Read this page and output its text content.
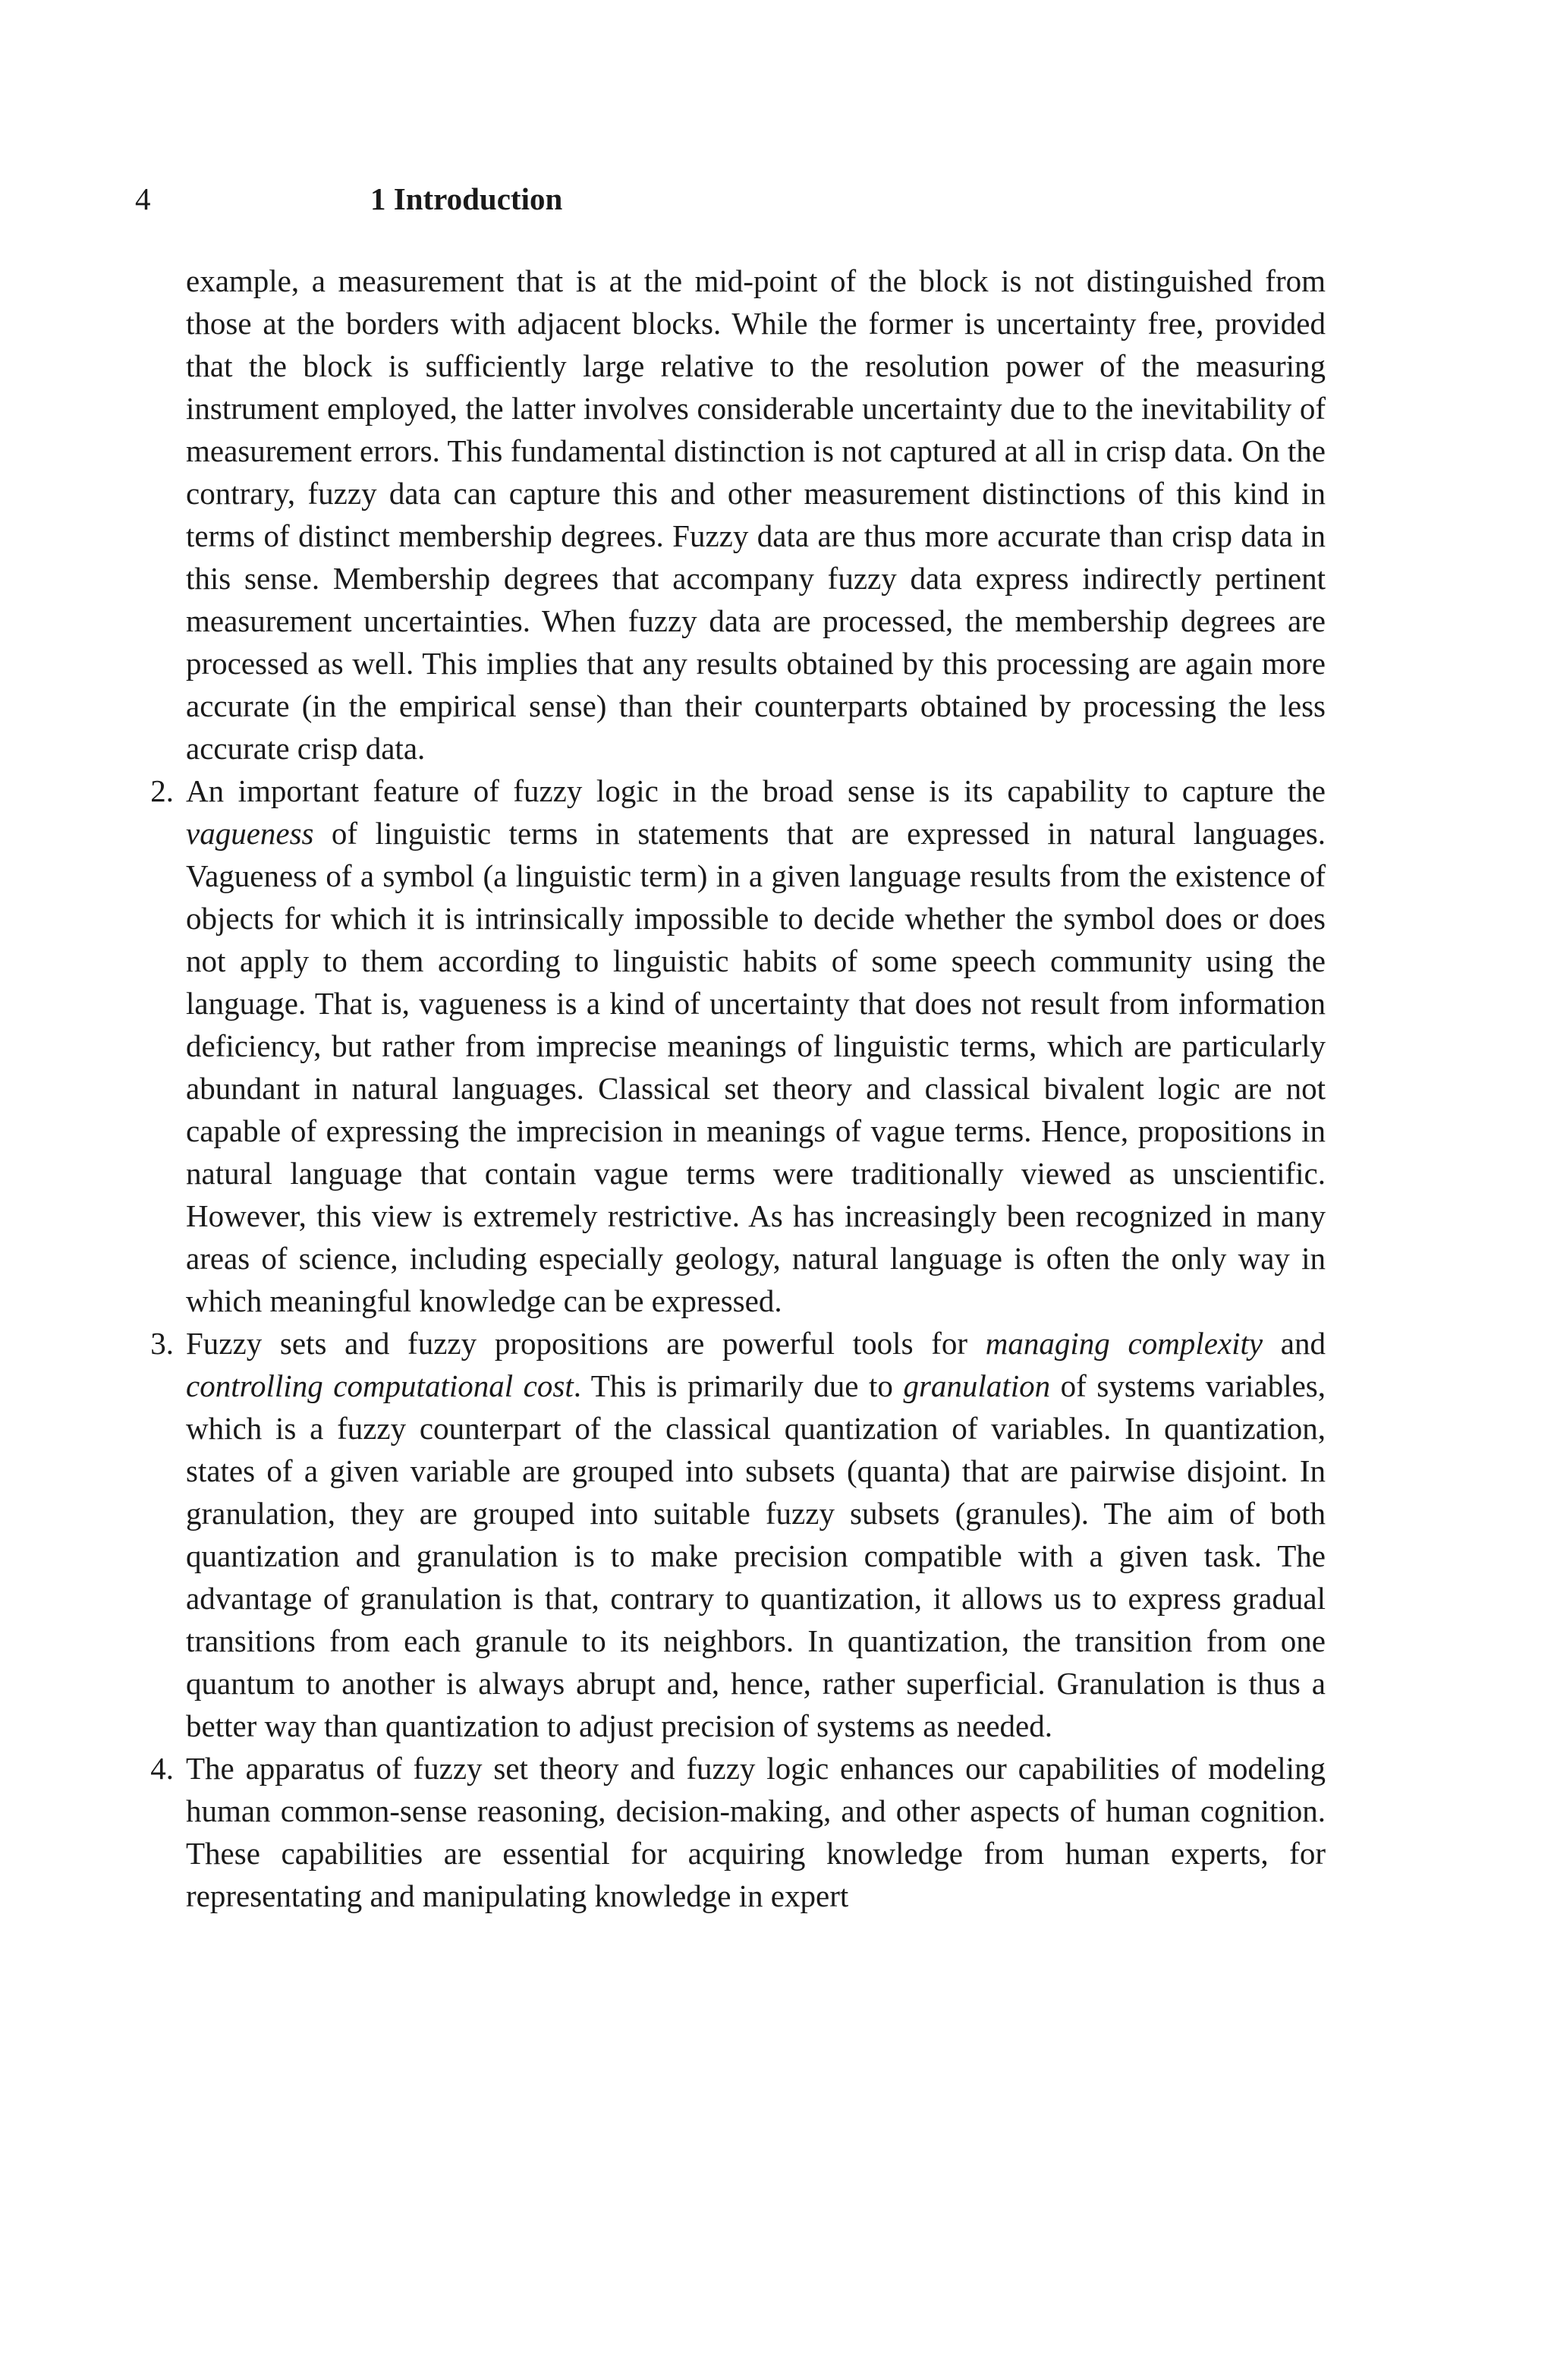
4	1 Introduction

example, a measurement that is at the mid-point of the block is not distinguished from those at the borders with adjacent blocks. While the former is uncertainty free, provided that the block is sufficiently large relative to the resolution power of the measuring instrument employed, the latter involves considerable uncertainty due to the inevitability of measurement errors. This fundamental distinction is not captured at all in crisp data. On the contrary, fuzzy data can capture this and other measurement distinctions of this kind in terms of distinct membership degrees. Fuzzy data are thus more accurate than crisp data in this sense. Membership degrees that accompany fuzzy data express indirectly pertinent measurement uncertainties. When fuzzy data are processed, the membership degrees are processed as well. This implies that any results obtained by this processing are again more accurate (in the empirical sense) than their counterparts obtained by processing the less accurate crisp data.

2. An important feature of fuzzy logic in the broad sense is its capability to capture the vagueness of linguistic terms in statements that are expressed in natural languages. Vagueness of a symbol (a linguistic term) in a given language results from the existence of objects for which it is intrinsically impossible to decide whether the symbol does or does not apply to them according to linguistic habits of some speech community using the language. That is, vagueness is a kind of uncertainty that does not result from information deficiency, but rather from imprecise meanings of linguistic terms, which are particularly abundant in natural languages. Classical set theory and classical bivalent logic are not capable of expressing the imprecision in meanings of vague terms. Hence, propositions in natural language that contain vague terms were traditionally viewed as unscientific. However, this view is extremely restrictive. As has increasingly been recognized in many areas of science, including especially geology, natural language is often the only way in which meaningful knowledge can be expressed.
3. Fuzzy sets and fuzzy propositions are powerful tools for managing complexity and controlling computational cost. This is primarily due to granulation of systems variables, which is a fuzzy counterpart of the classical quantization of variables. In quantization, states of a given variable are grouped into subsets (quanta) that are pairwise disjoint. In granulation, they are grouped into suitable fuzzy subsets (granules). The aim of both quantization and granulation is to make precision compatible with a given task. The advantage of granulation is that, contrary to quantization, it allows us to express gradual transitions from each granule to its neighbors. In quantization, the transition from one quantum to another is always abrupt and, hence, rather superficial. Granulation is thus a better way than quantization to adjust precision of systems as needed.
4. The apparatus of fuzzy set theory and fuzzy logic enhances our capabilities of modeling human common-sense reasoning, decision-making, and other aspects of human cognition. These capabilities are essential for acquiring knowledge from human experts, for representating and manipulating knowledge in expert
